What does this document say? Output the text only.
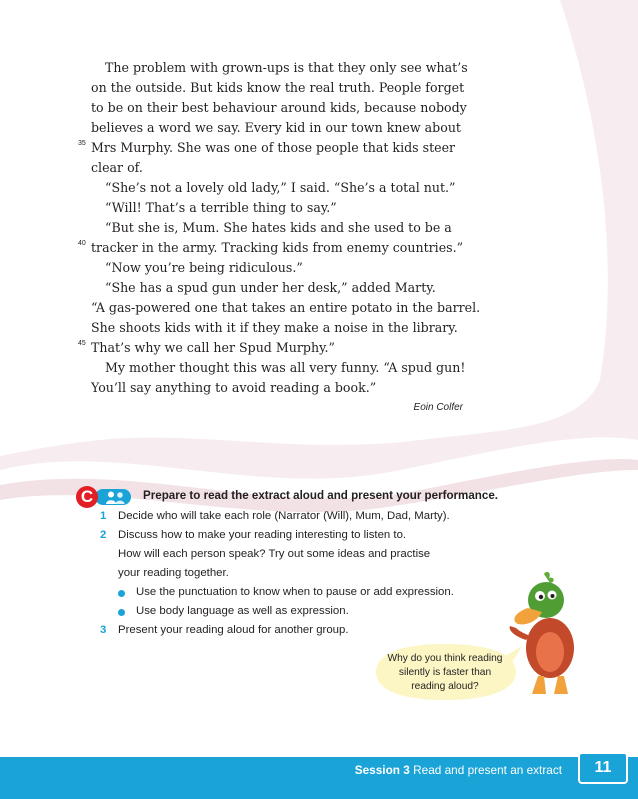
The problem with grown-ups is that they only see what’s
on the outside. But kids know the real truth. People forget
to be on their best behaviour around kids, because nobody
believes a word we say. Every kid in our town knew about
35 Mrs Murphy. She was one of those people that kids steer
clear of.
“She’s not a lovely old lady,” I said. “She’s a total nut.”
“Will! That’s a terrible thing to say.”
“But she is, Mum. She hates kids and she used to be a
40 tracker in the army. Tracking kids from enemy countries.”
“Now you’re being ridiculous.”
“She has a spud gun under her desk,” added Marty.
“A gas-powered one that takes an entire potato in the barrel.
She shoots kids with it if they make a noise in the library.
45 That’s why we call her Spud Murphy.”
My mother thought this was all very funny. “A spud gun!
You’ll say anything to avoid reading a book.”
Eoin Colfer
C	Prepare to read the extract aloud and present your performance.
1 Decide who will take each role (Narrator (Will), Mum, Dad, Marty).
2 Discuss how to make your reading interesting to listen to.
How will each person speak? Try out some ideas and practise
your reading together.
Use the punctuation to know when to pause or add expression.
Use body language as well as expression.
3 Present your reading aloud for another group.
Why do you think reading
silently is faster than
reading aloud?
Session 3 Read and present an extract	11
